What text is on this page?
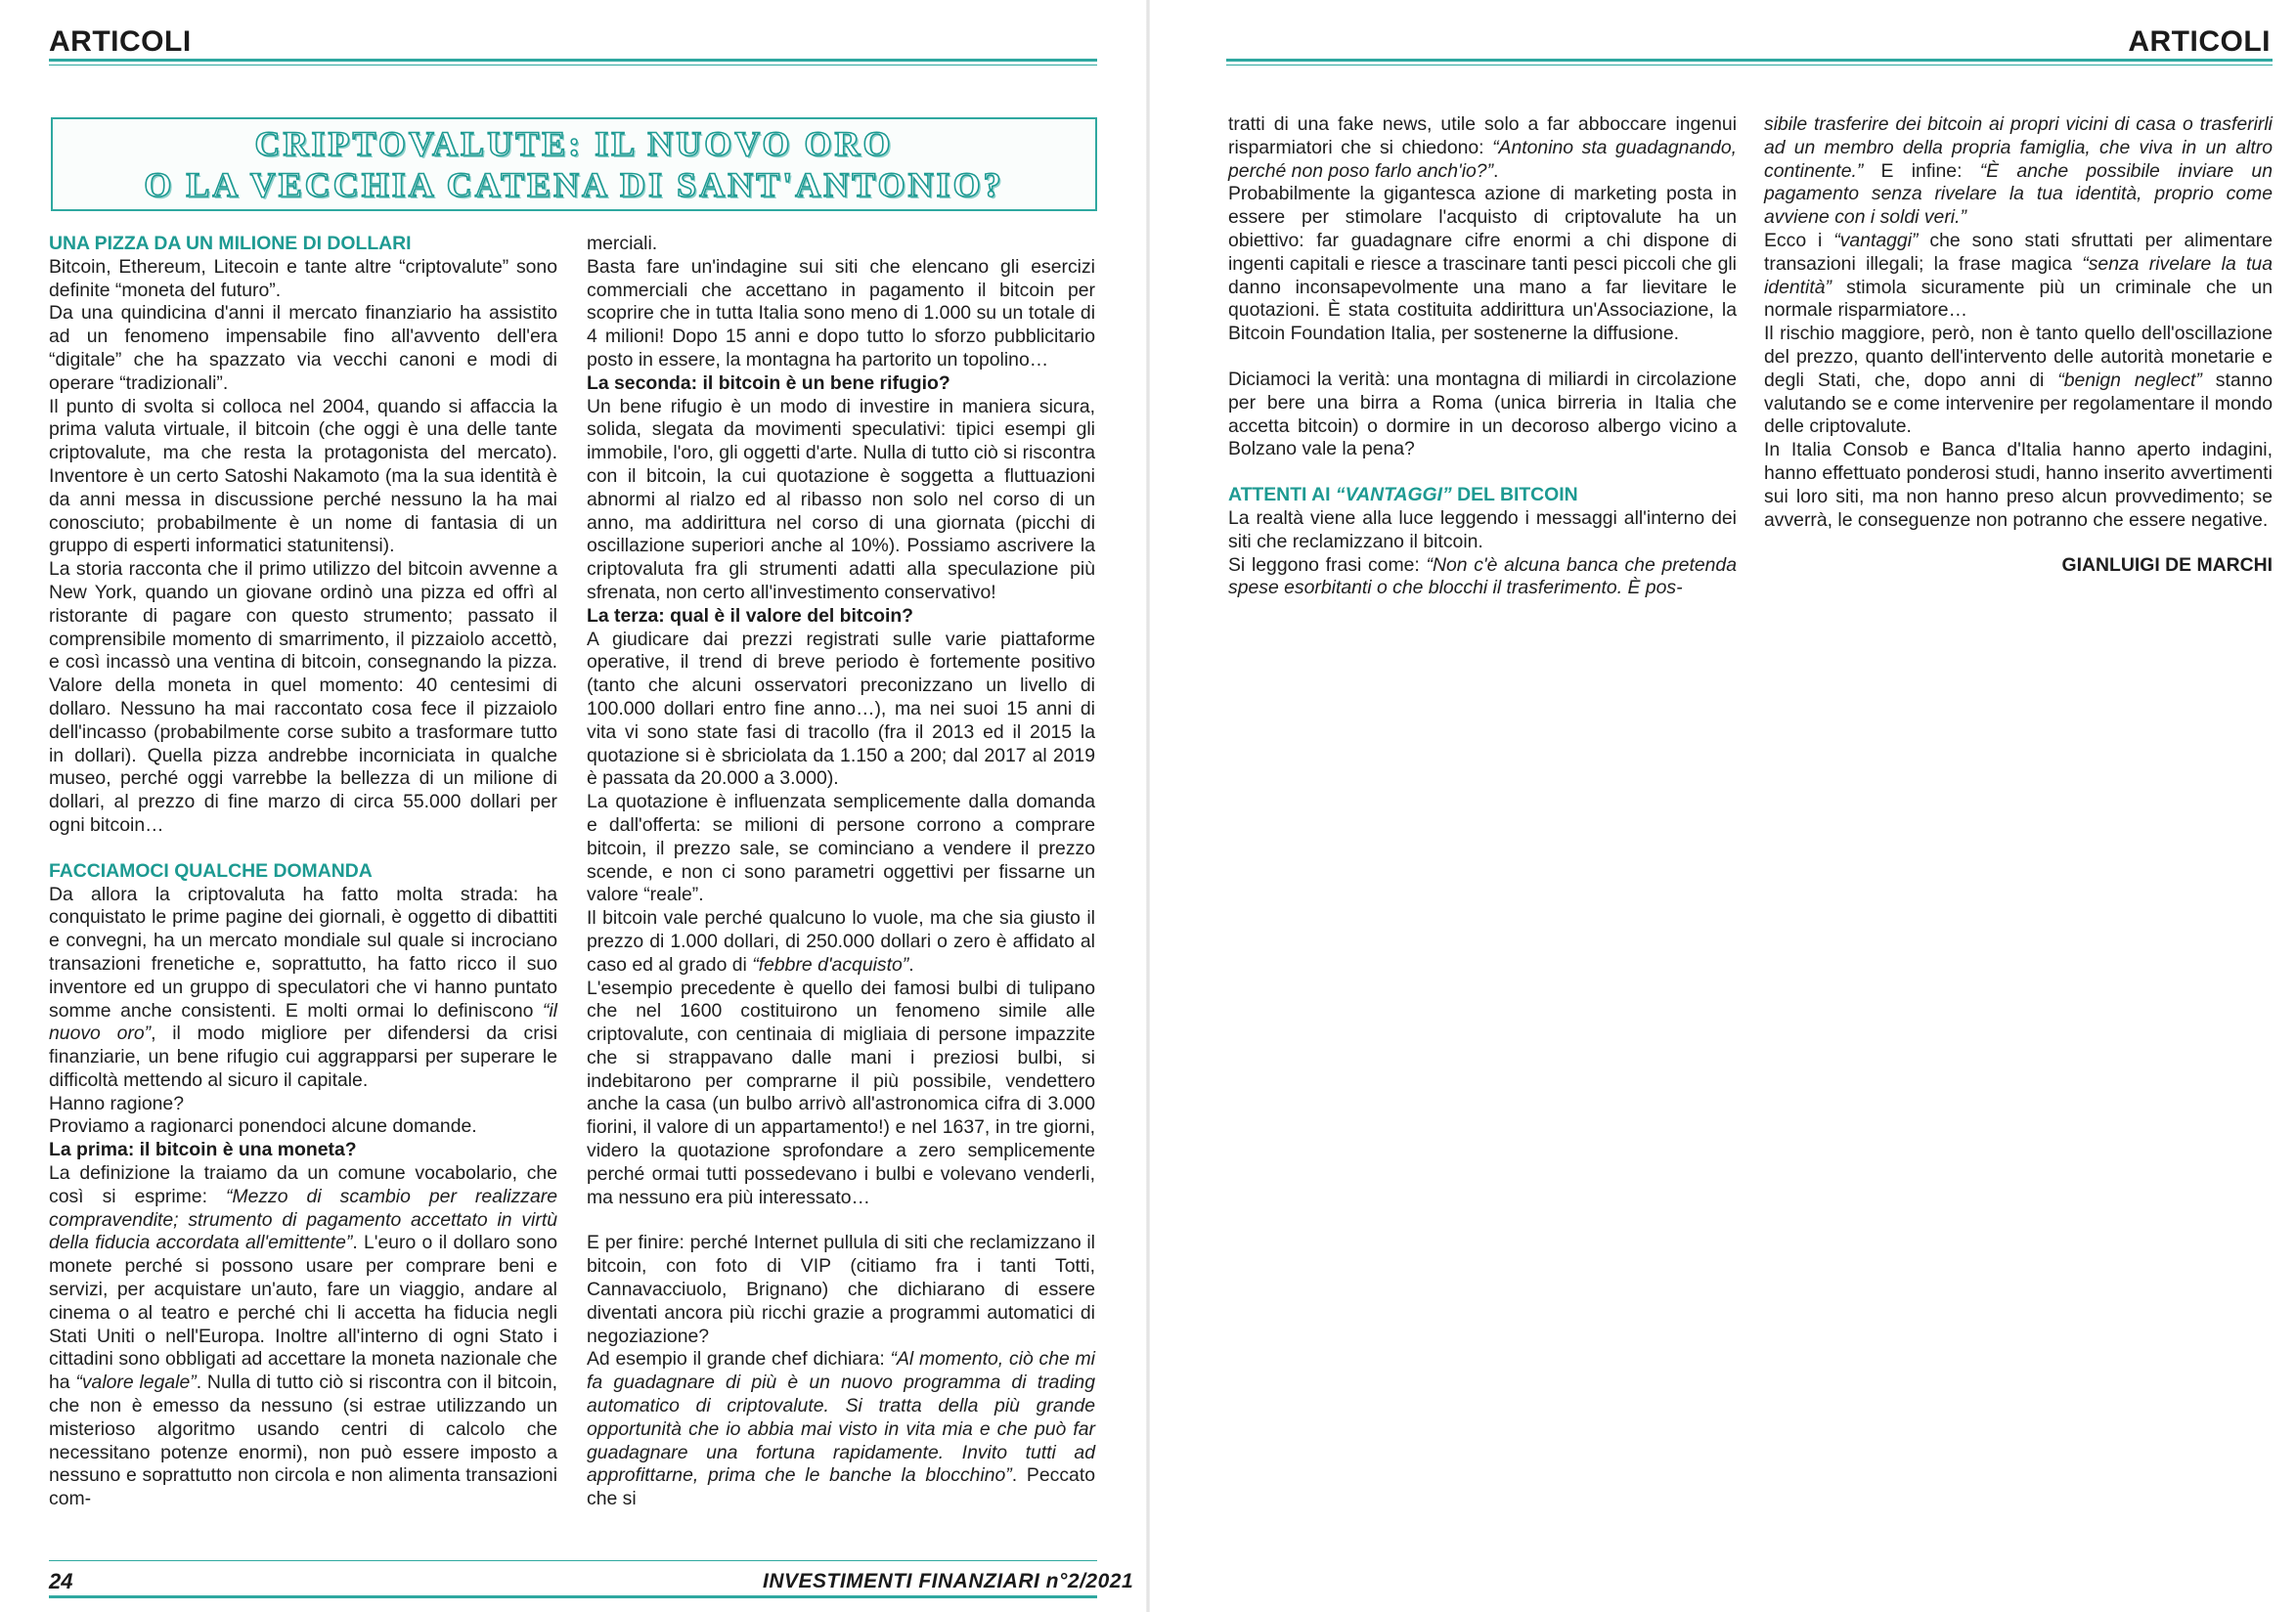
ARTICOLI
CRIPTOVALUTE: IL NUOVO ORO
O LA VECCHIA CATENA DI SANT'ANTONIO?
UNA PIZZA DA UN MILIONE DI DOLLARI

Bitcoin, Ethereum, Litecoin e tante altre “criptovalute” sono definite “moneta del futuro”.

Da una quindicina d'anni il mercato finanziario ha assistito ad un fenomeno impensabile fino all'avvento dell'era “digitale” che ha spazzato via vecchi canoni e modi di operare “tradizionali”.

Il punto di svolta si colloca nel 2004, quando si affaccia la prima valuta virtuale, il bitcoin (che oggi è una delle tante criptovalute, ma che resta la protagonista del mercato). Inventore è un certo Satoshi Nakamoto (ma la sua identità è da anni messa in discussione perché nessuno la ha mai conosciuto; probabilmente è un nome di fantasia di un gruppo di esperti informatici statunitensi).

La storia racconta che il primo utilizzo del bitcoin avvenne a New York, quando un giovane ordinò una pizza ed offrì al ristorante di pagare con questo strumento; passato il comprensibile momento di smarrimento, il pizzaiolo accettò, e così incassò una ventina di bitcoin, consegnando la pizza. Valore della moneta in quel momento: 40 centesimi di dollaro. Nessuno ha mai raccontato cosa fece il pizzaiolo dell'incasso (probabilmente corse subito a trasformare tutto in dollari). Quella pizza andrebbe incorniciata in qualche museo, perché oggi varrebbe la bellezza di un milione di dollari, al prezzo di fine marzo di circa 55.000 dollari per ogni bitcoin…

FACCIAMOCI QUALCHE DOMANDA

Da allora la criptovaluta ha fatto molta strada: ha conquistato le prime pagine dei giornali, è oggetto di dibattiti e convegni, ha un mercato mondiale sul quale si incrociano transazioni frenetiche e, soprattutto, ha fatto ricco il suo inventore ed un gruppo di speculatori che vi hanno puntato somme anche consistenti. E molti ormai lo definiscono “il nuovo oro”, il modo migliore per difendersi da crisi finanziarie, un bene rifugio cui aggrapparsi per superare le difficoltà mettendo al sicuro il capitale.

Hanno ragione?

Proviamo a ragionarci ponendoci alcune domande.

La prima: il bitcoin è una moneta?

La definizione la traiamo da un comune vocabolario, che così si esprime: “Mezzo di scambio per realizzare compravendite; strumento di pagamento accettato in virtù della fiducia accordata all'emittente”. L'euro o il dollaro sono monete perché si possono usare per comprare beni e servizi, per acquistare un'auto, fare un viaggio, andare al cinema o al teatro e perché chi li accetta ha fiducia negli Stati Uniti o nell'Europa. Inoltre all'interno di ogni Stato i cittadini sono obbligati ad accettare la moneta nazionale che ha “valore legale”. Nulla di tutto ciò si riscontra con il bitcoin, che non è emesso da nessuno (si estrae utilizzando un misterioso algoritmo usando centri di calcolo che necessitano potenze enormi), non può essere imposto a nessuno e soprattutto non circola e non alimenta transazioni com-

merciali.

Basta fare un'indagine sui siti che elencano gli esercizi commerciali che accettano in pagamento il bitcoin per scoprire che in tutta Italia sono meno di 1.000 su un totale di 4 milioni! Dopo 15 anni e dopo tutto lo sforzo pubblicitario posto in essere, la montagna ha partorito un topolino…

La seconda: il bitcoin è un bene rifugio?

Un bene rifugio è un modo di investire in maniera sicura, solida, slegata da movimenti speculativi: tipici esempi gli immobile, l'oro, gli oggetti d'arte. Nulla di tutto ciò si riscontra con il bitcoin, la cui quotazione è soggetta a fluttuazioni abnormi al rialzo ed al ribasso non solo nel corso di un anno, ma addirittura nel corso di una giornata (picchi di oscillazione superiori anche al 10%). Possiamo ascrivere la criptovaluta fra gli strumenti adatti alla speculazione più sfrenata, non certo all'investimento conservativo!

La terza: qual è il valore del bitcoin?

A giudicare dai prezzi registrati sulle varie piattaforme operative, il trend di breve periodo è fortemente positivo (tanto che alcuni osservatori preconizzano un livello di 100.000 dollari entro fine anno…), ma nei suoi 15 anni di vita vi sono state fasi di tracollo (fra il 2013 ed il 2015 la quotazione si è sbriciolata da 1.150 a 200; dal 2017 al 2019 è passata da 20.000 a 3.000).

La quotazione è influenzata semplicemente dalla domanda e dall'offerta: se milioni di persone corrono a comprare bitcoin, il prezzo sale, se cominciano a vendere il prezzo scende, e non ci sono parametri oggettivi per fissarne un valore “reale”.

Il bitcoin vale perché qualcuno lo vuole, ma che sia giusto il prezzo di 1.000 dollari, di 250.000 dollari o zero è affidato al caso ed al grado di “febbre d'acquisto”.

L'esempio precedente è quello dei famosi bulbi di tulipano che nel 1600 costituirono un fenomeno simile alle criptovalute, con centinaia di migliaia di persone impazzite che si strappavano dalle mani i preziosi bulbi, si indebitarono per comprarne il più possibile, vendettero anche la casa (un bulbo arrivò all'astronomica cifra di 3.000 fiorini, il valore di un appartamento!) e nel 1637, in tre giorni, videro la quotazione sprofondare a zero semplicemente perché ormai tutti possedevano i bulbi e volevano venderli, ma nessuno era più interessato…

E per finire: perché Internet pullula di siti che reclamizzano il bitcoin, con foto di VIP (citiamo fra i tanti Totti, Cannavacciuolo, Brignano) che dichiarano di essere diventati ancora più ricchi grazie a programmi automatici di negoziazione?

Ad esempio il grande chef dichiara: “Al momento, ciò che mi fa guadagnare di più è un nuovo programma di trading automatico di criptovalute. Si tratta della più grande opportunità che io abbia mai visto in vita mia e che può far guadagnare una fortuna rapidamente. Invito tutti ad approfittarne, prima che le banche la blocchino”. Peccato che si

24	INVESTIMENTI FINANZIARI n°2/2021
ARTICOLI

tratti di una fake news, utile solo a far abboccare ingenui risparmiatori che si chiedono: “Antonino sta guadagnando, perché non poso farlo anch'io?”.

Probabilmente la gigantesca azione di marketing posta in essere per stimolare l'acquisto di criptovalute ha un obiettivo: far guadagnare cifre enormi a chi dispone di ingenti capitali e riesce a trascinare tanti pesci piccoli che gli danno inconsapevolmente una mano a far lievitare le quotazioni. È stata costituita addirittura un'Associazione, la Bitcoin Foundation Italia, per sostenerne la diffusione.

Diciamoci la verità: una montagna di miliardi in circolazione per bere una birra a Roma (unica birreria in Italia che accetta bitcoin) o dormire in un decoroso albergo vicino a Bolzano vale la pena?

ATTENTI AI “VANTAGGI” DEL BITCOIN

La realtà viene alla luce leggendo i messaggi all'interno dei siti che reclamizzano il bitcoin.

Si leggono frasi come: “Non c'è alcuna banca che pretenda spese esorbitanti o che blocchi il trasferimento. È pos-

sibile trasferire dei bitcoin ai propri vicini di casa o trasferirli ad un membro della propria famiglia, che viva in un altro continente.” E infine: “È anche possibile inviare un pagamento senza rivelare la tua identità, proprio come avviene con i soldi veri.”

Ecco i “vantaggi” che sono stati sfruttati per alimentare transazioni illegali; la frase magica “senza rivelare la tua identità” stimola sicuramente più un criminale che un normale risparmiatore…

Il rischio maggiore, però, non è tanto quello dell'oscillazione del prezzo, quanto dell'intervento delle autorità monetarie e degli Stati, che, dopo anni di “benign neglect” stanno valutando se e come intervenire per regolamentare il mondo delle criptovalute.

In Italia Consob e Banca d'Italia hanno aperto indagini, hanno effettuato ponderosi studi, hanno inserito avvertimenti sui loro siti, ma non hanno preso alcun provvedimento; se avverrà, le conseguenze non potranno che essere negative.

GIANLUIGI DE MARCHI
